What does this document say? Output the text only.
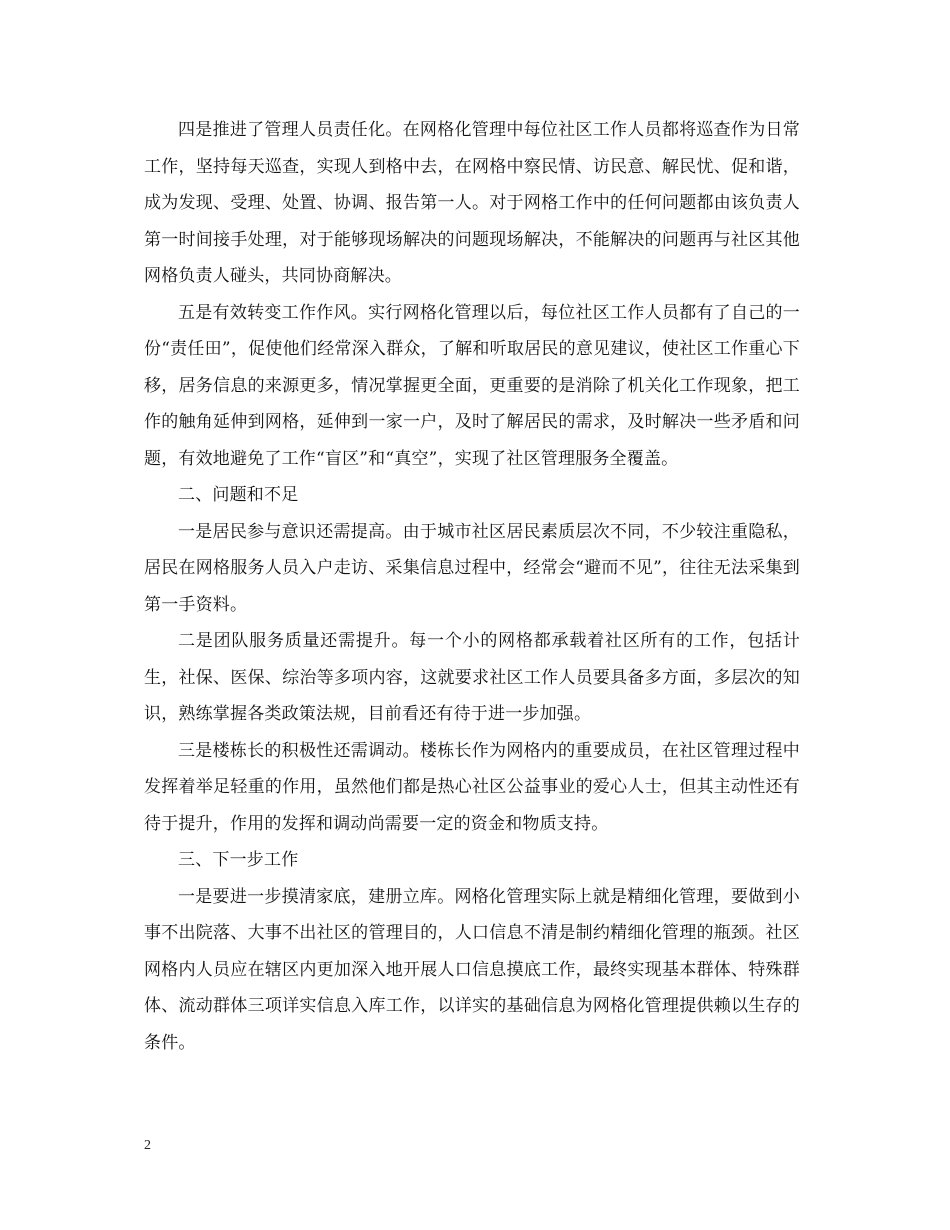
四是推进了管理人员责任化。在网格化管理中每位社区工作人员都将巡查作为日常工作，坚持每天巡查，实现人到格中去，在网格中察民情、访民意、解民忧、促和谐，成为发现、受理、处置、协调、报告第一人。对于网格工作中的任何问题都由该负责人第一时间接手处理，对于能够现场解决的问题现场解决，不能解决的问题再与社区其他网格负责人碰头，共同协商解决。

五是有效转变工作作风。实行网格化管理以后，每位社区工作人员都有了自己的一份“责任田”，促使他们经常深入群众，了解和听取居民的意见建议，使社区工作重心下移，居务信息的来源更多，情况掌握更全面，更重要的是消除了机关化工作现象，把工作的触角延伸到网格，延伸到一家一户，及时了解居民的需求，及时解决一些矛盾和问题，有效地避免了工作“盲区”和“真空”，实现了社区管理服务全覆盖。

二、问题和不足

一是居民参与意识还需提高。由于城市社区居民素质层次不同，不少较注重隐私，居民在网格服务人员入户走访、采集信息过程中，经常会“避而不见”，往往无法采集到第一手资料。

二是团队服务质量还需提升。每一个小的网格都承载着社区所有的工作，包括计生，社保、医保、综治等多项内容，这就要求社区工作人员要具备多方面，多层次的知识，熟练掌握各类政策法规，目前看还有待于进一步加强。

三是楼栋长的积极性还需调动。楼栋长作为网格内的重要成员，在社区管理过程中发挥着举足轻重的作用，虽然他们都是热心社区公益事业的爱心人士，但其主动性还有待于提升，作用的发挥和调动尚需要一定的资金和物质支持。

三、下一步工作

一是要进一步摸清家底，建册立库。网格化管理实际上就是精细化管理，要做到小事不出院落、大事不出社区的管理目的，人口信息不清是制约精细化管理的瓶颈。社区网格内人员应在辖区内更加深入地开展人口信息摸底工作，最终实现基本群体、特殊群体、流动群体三项详实信息入库工作，以详实的基础信息为网格化管理提供赖以生存的条件。

2
